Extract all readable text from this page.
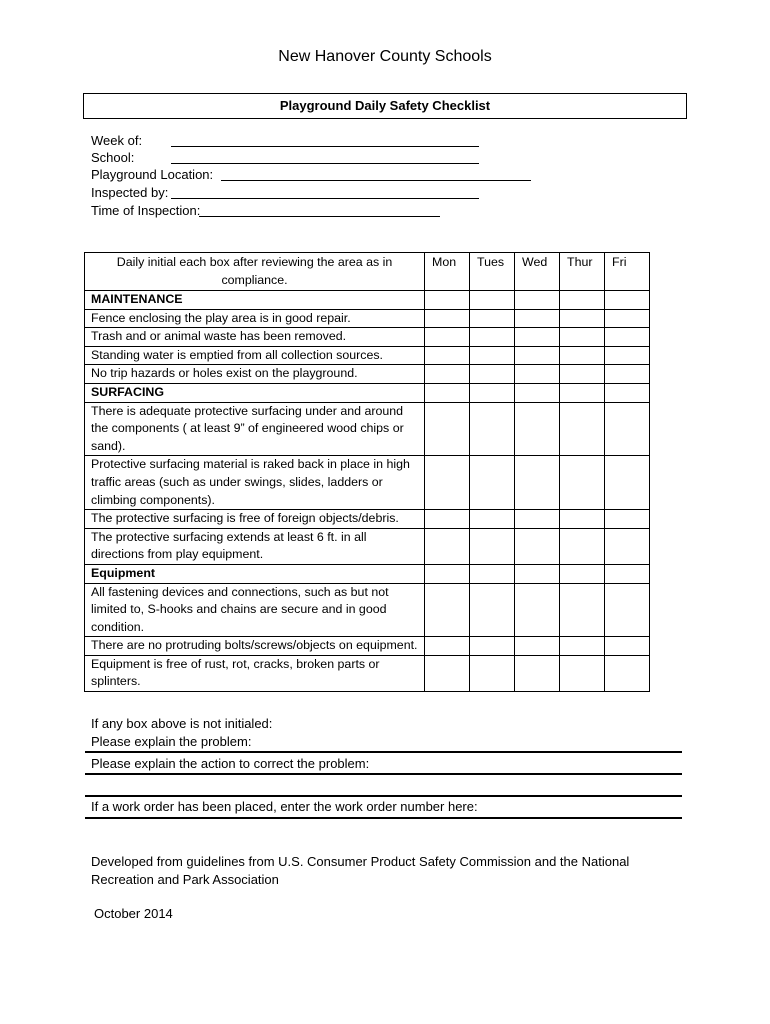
New Hanover County Schools
Playground Daily Safety Checklist
Week of:
School:
Playground Location:
Inspected by:
Time of Inspection:
Daily initial each box after reviewing the area as in compliance.	Mon	Tues	Wed	Thur	Fri
MAINTENANCE					
Fence enclosing the play area is in good repair.					
Trash and or animal waste has been removed.					
Standing water is emptied from all collection sources.					
No trip hazards or holes exist on the playground.					
SURFACING					
There is adequate protective surfacing under and around the components ( at least 9” of engineered wood chips or sand).					
Protective surfacing material is raked back in place in high traffic areas (such as under swings, slides, ladders or climbing components).					
The protective surfacing is free of foreign objects/debris.					
The protective surfacing extends at least 6 ft. in all directions from play equipment.					
Equipment					
All fastening devices and connections, such as but not limited to, S-hooks and chains are secure and in good condition.					
There are no protruding bolts/screws/objects on equipment.					
Equipment is free of rust, rot, cracks, broken parts or splinters.					
If any box above is not initialed:
Please explain the problem:
Please explain the action to correct the problem:
If a work order has been placed, enter the work order number here:
Developed from guidelines from U.S. Consumer Product Safety Commission and the National
Recreation and Park Association
October 2014
